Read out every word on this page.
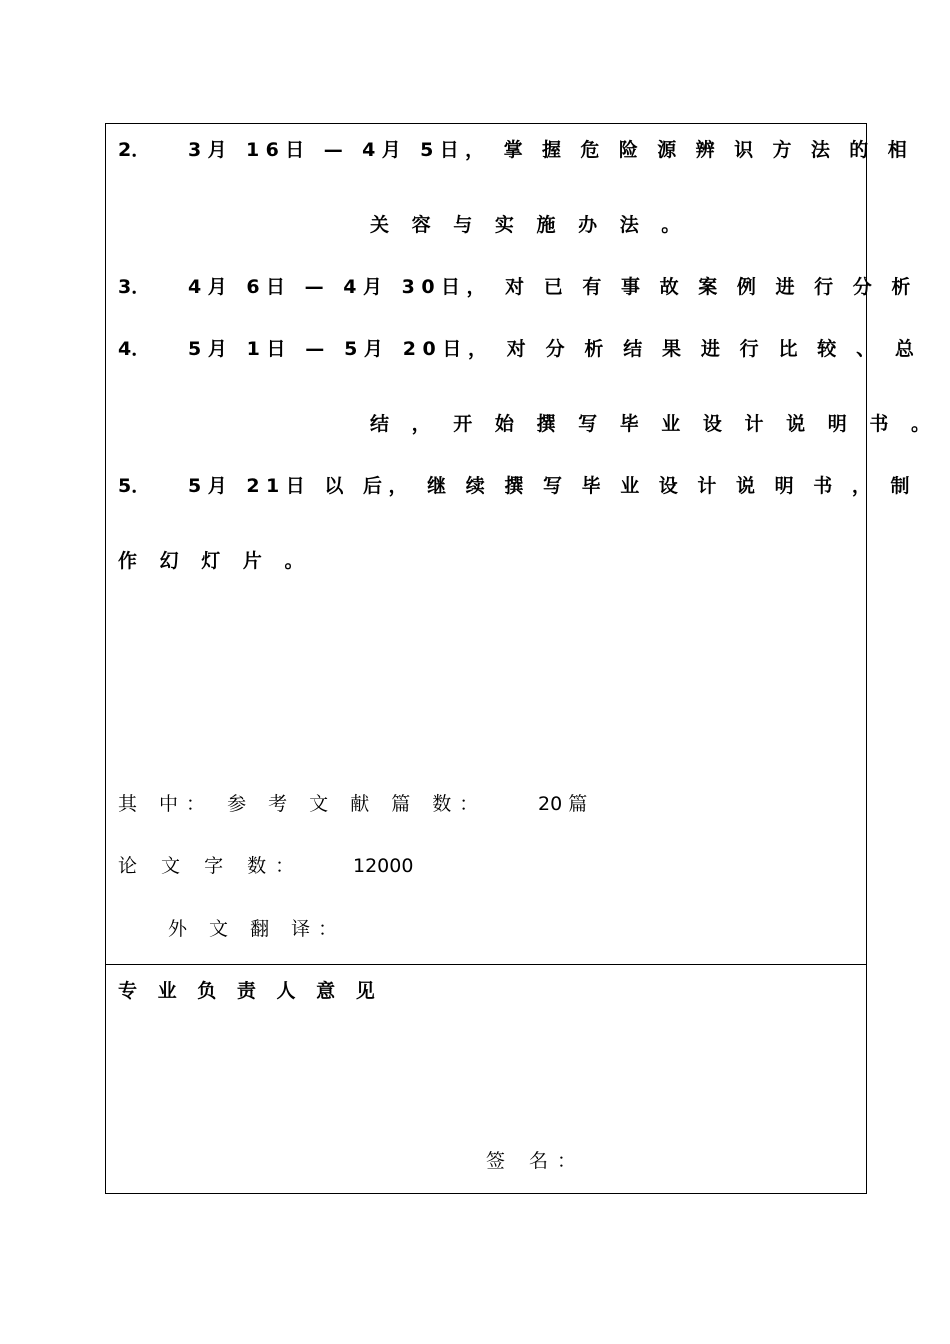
2． 3月 16日 — 4月 5日， 掌 握 危 险 源 辨 识 方 法 的 相
关 容 与 实 施 办 法 。
3． 4月 6日 — 4月 30日， 对 已 有 事 故 案 例 进 行 分 析
4． 5月 1日 — 5月 20日， 对 分 析 结 果 进 行 比 较 、 总
结 ， 开 始 撰 写 毕 业 设 计 说 明 书 。
5． 5月 21日 以 后， 继 续 撰 写 毕 业 设 计 说 明 书 ， 制
作 幻 灯 片 。
其 中： 参 考 文 献 篇 数：	20 篇
论 文 字 数：	12000
外 文 翻 译：
专 业 负 责 人 意 见
签 名：
